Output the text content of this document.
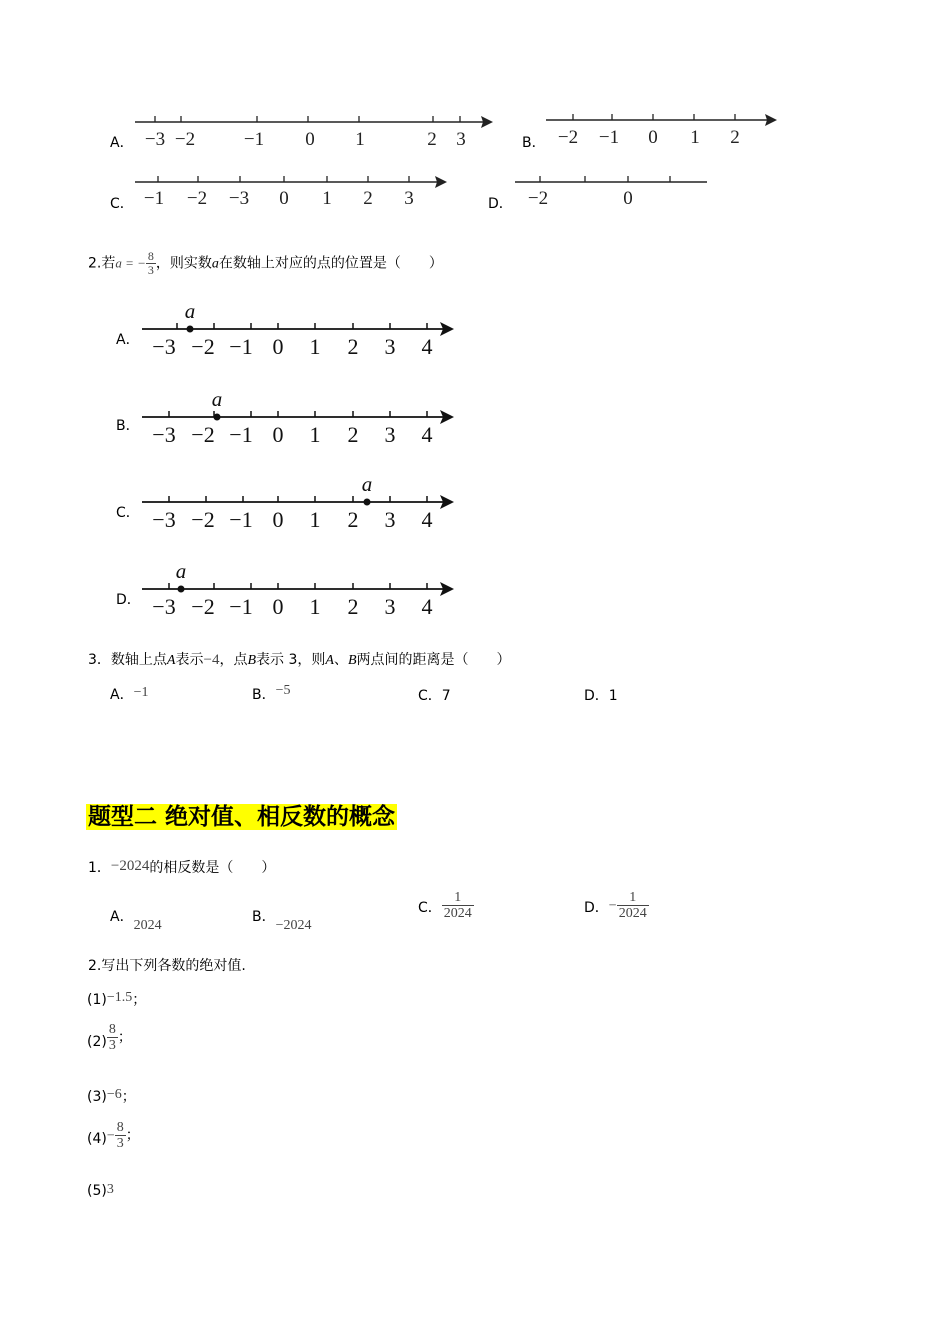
A． −3 −2	−1 0 1	2 3	B． −2 −1 0 1 2
C． −1 −2 −3 0 1 2 3	D． −2	0
2.若a = − $\frac{8}{3}$ ，则实数a在数轴上对应的点的位置是（　　）
A．
a
−3 −2 −1 0 1 2 3 4
B．
a
−3 −2 −1 0 1 2 3 4
C．
a
−3 −2 −1 0 1 2 3 4
D．
a
−3 −2 −1 0 1 2 3 4
3．数轴上点A表示−4，点B表示 3，则A、B两点间的距离是（　　）
A．−1	B．−5	C．7	D．1
题型二 绝对值、相反数的概念
1．−2024的相反数是（　　）
A．2024
B．−2024
C． $\frac{1}{2024}$	D．− $\frac{1}{2024}$
2.写出下列各数的绝对值.
(1)−1.5；
$(2) \frac{8}{3}$ ；
(3)−6；
$(4)- \frac{8}{3}$ ；
(5)3
